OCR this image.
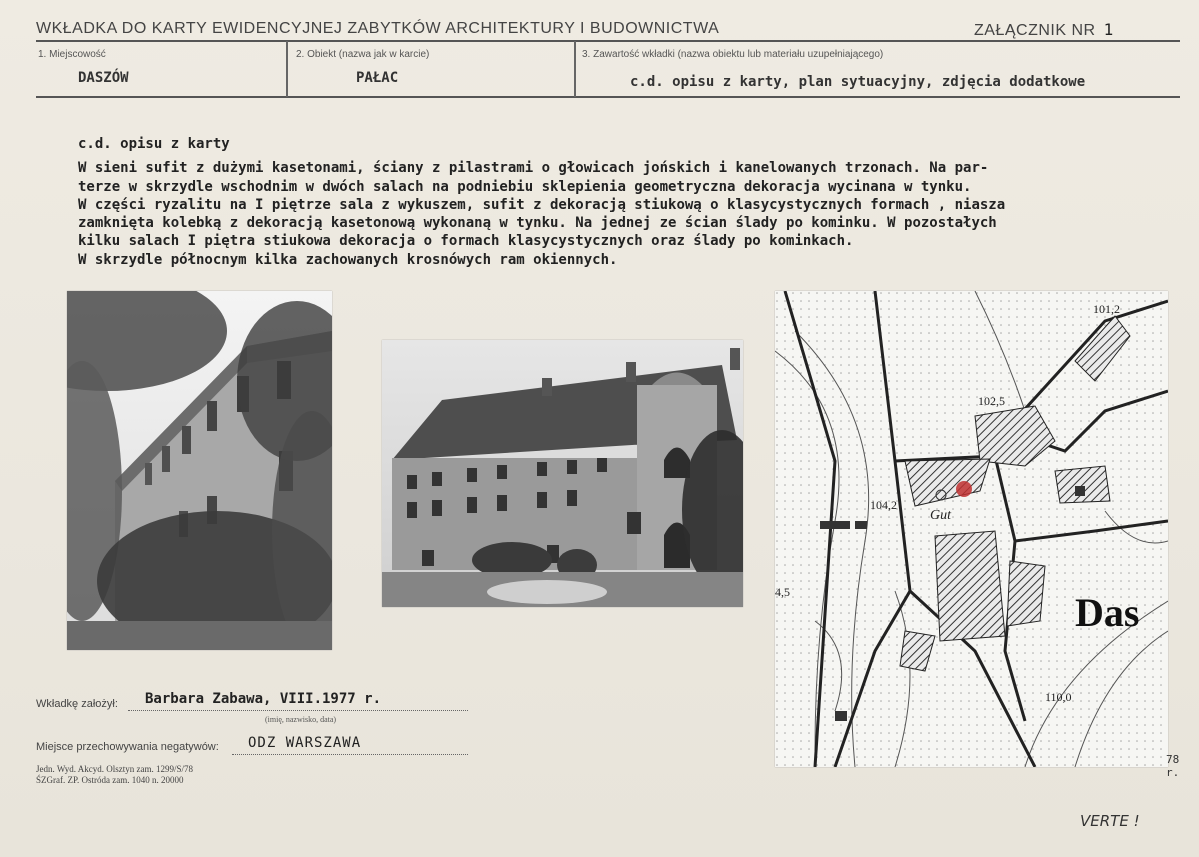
WKŁADKA DO KARTY EWIDENCYJNEJ ZABYTKÓW ARCHITEKTURY I BUDOWNICTWA	ZAŁĄCZNIK NR 1
1. Miejscowość
DASZÓW
2. Obiekt (nazwa jak w karcie)
PAŁAC
3. Zawartość wkładki (nazwa obiektu lub materiału uzupełniającego)
c.d. opisu z karty, plan sytuacyjny, zdjęcia dodatkowe

c.d. opisu z karty

W sieni sufit z dużymi kasetonami, ściany z pilastrami o głowicach jońskich i kanelowanych trzonach. Na par-

terze w skrzydle wschodnim w dwóch salach na podniebiu sklepienia geometryczna dekoracja wycinana w tynku.

W części ryzalitu na I piętrze sala z wykuszem, sufit z dekoracją stiukową o klasycystycznych formach , niasza

zamknięta kolebką z dekoracją kasetonową wykonaną w tynku. Na jednej ze ścian ślady po kominku. W pozostałych

kilku salach I piętra stiukowa dekoracja o formach klasycystycznych oraz ślady po kominkach.

W skrzydle północnym kilka zachowanych krosnówych ram okiennych.

Gut
Das
101,2
102,5
104,2
110,0
4,5
78 r.
Wkładkę założył: Barbara Zabawa, VIII.1977 r.
(imię, nazwisko, data)
Miejsce przechowywania negatywów: ODZ WARSZAWA
Jedn. Wyd. Akcyd. Olsztyn zam. 1299/S/78
ŚZGraf. ZP. Ostróda zam. 1040 n. 20000
VERTE !
